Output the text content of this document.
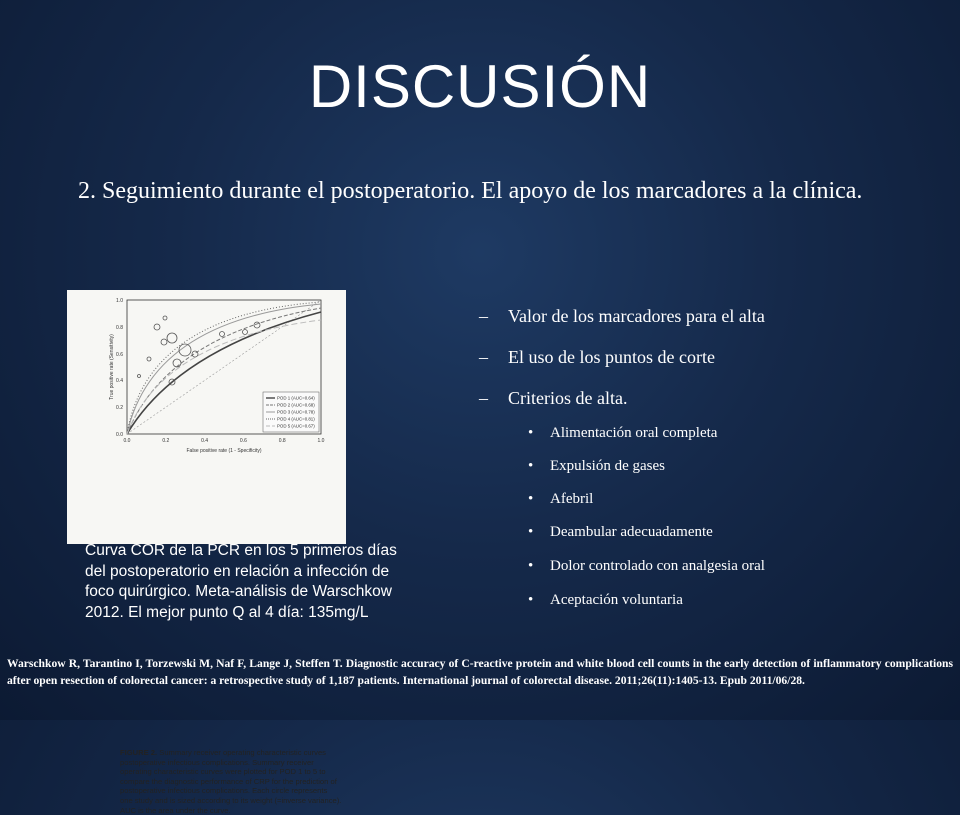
DISCUSIÓN
2. Seguimiento durante el postoperatorio. El apoyo de los marcadores a la clínica.
0.0	0.2	0.4	0.6	0.8	1.0
0.0
0.2
0.4
0.6
0.8
1.0
False positive rate (1 - Specificity)
True positive rate (Sensitivity)	POD 1 (AUC=0.64)
POD 2 (AUC=0.68)
POD 3 (AUC=0.78)
POD 4 (AUC=0.81)
POD 5 (AUC=0.67)
FIGURE 2. Summary receiver operating characteristic curves postoperative infectious complications. Summary receiver operating characteristic curves were plotted for POD 1 to 5 to compare the diagnostic performance of CRP for the prediction of postoperative infectious complications. Each circle represents one study and is sized according to its weight (=inverse variance). AUC is the area under the curve.
Curva COR de la PCR en los 5 primeros días del postoperatorio en relación a infección de foco quirúrgico. Meta-análisis de Warschkow 2012. El mejor punto Q al 4 día: 135mg/L
– Valor de los marcadores para el alta
– El uso de los puntos de corte
– Criterios de alta.
• Alimentación oral completa
• Expulsión de gases
• Afebril
• Deambular adecuadamente
• Dolor controlado con analgesia oral
• Aceptación voluntaria
Warschkow R, Tarantino I, Torzewski M, Naf F, Lange J, Steffen T. Diagnostic accuracy of C-reactive protein and white blood cell counts in the early detection of inflammatory complications after open resection of colorectal cancer: a retrospective study of 1,187 patients. International journal of colorectal disease. 2011;26(11):1405-13. Epub 2011/06/28.
